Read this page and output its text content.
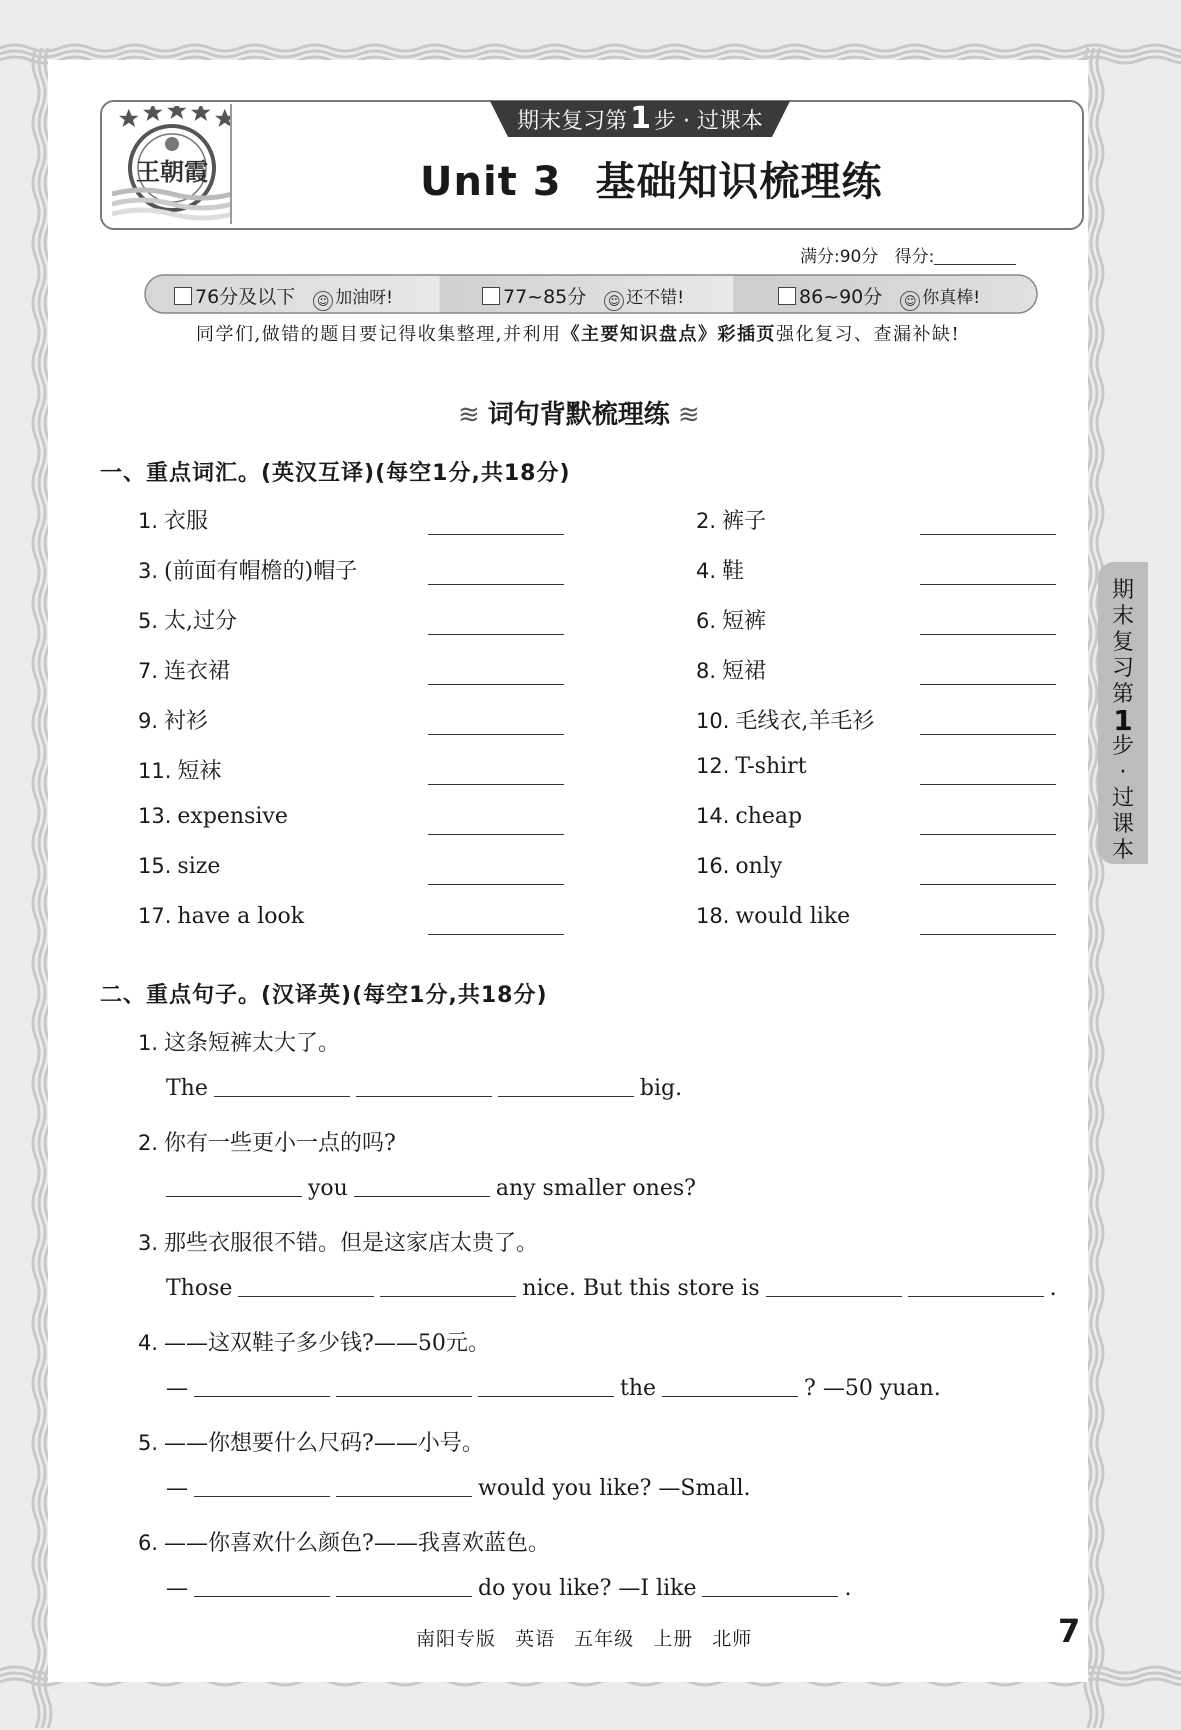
王朝霞
期末复习第 1 步 · 过课本
Unit 3 基础知识梳理练
满分:90分 得分:
76分及以下 ☺ 加油呀!	77~85分 ☺ 还不错!	86~90分 ☺ 你真棒!
同学们,做错的题目要记得收集整理,并利用《主要知识盘点》彩插页强化复习、查漏补缺!
≋ 词句背默梳理练 ≋
一、重点词汇。(英汉互译)(每空1分,共18分)
1. 衣服	2. 裤子
3. (前面有帽檐的)帽子	4. 鞋
5. 太,过分	6. 短裤
7. 连衣裙	8. 短裙
9. 衬衫	10. 毛线衣,羊毛衫
11. 短袜	12. T-shirt
13. expensive	14. cheap
15. size	16. only
17. have a look	18. would like
二、重点句子。(汉译英)(每空1分,共18分)
1. 这条短裤太大了。
The	big.
2. 你有一些更小一点的吗?
you	any smaller ones?
3. 那些衣服很不错。但是这家店太贵了。
Those	nice. But this store is	.
4. ——这双鞋子多少钱?——50元。
—	the	? —50 yuan.
5. ——你想要什么尺码?——小号。
—	would you like? —Small.
6. ——你喜欢什么颜色?——我喜欢蓝色。
—	do you like? —I like	.
南阳专版 英语 五年级 上册 北师	7
期
末
复
习
第
1
步
·
过
课
本
